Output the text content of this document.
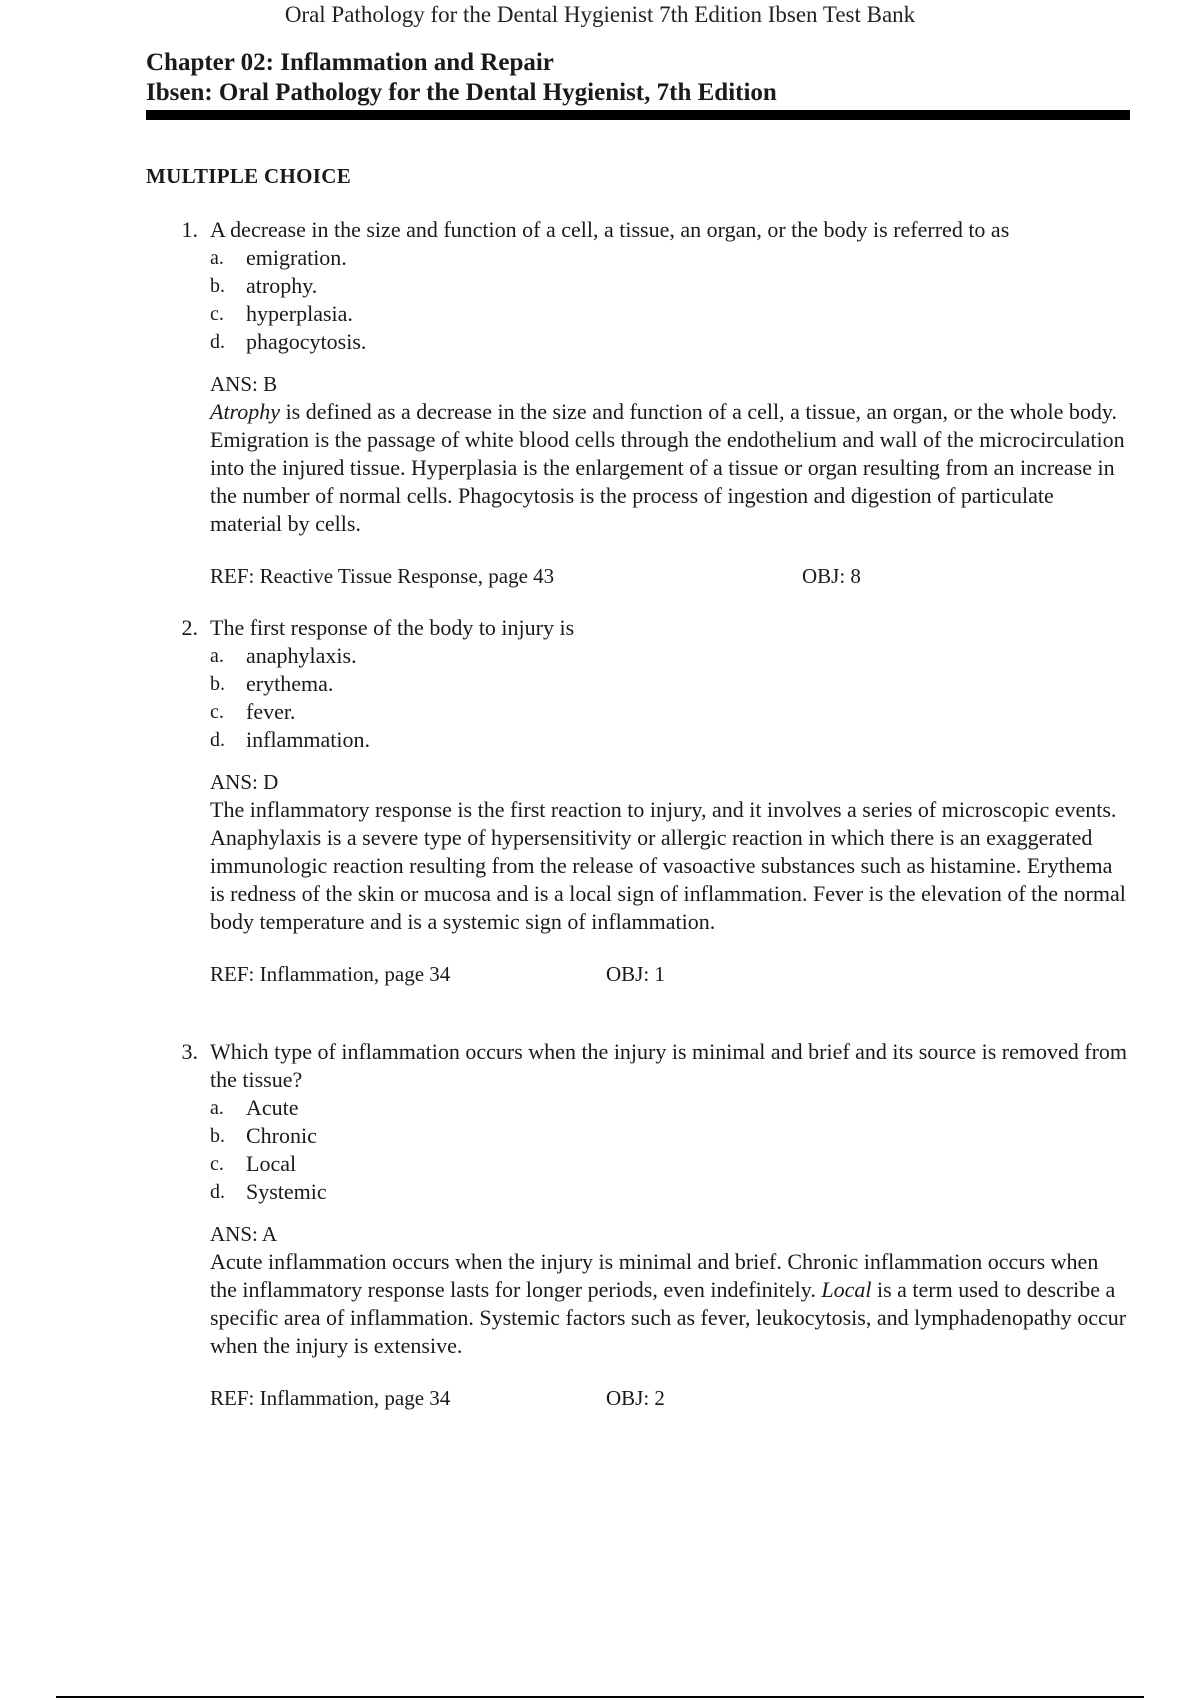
Oral Pathology for the Dental Hygienist 7th Edition Ibsen Test Bank
Chapter 02: Inflammation and Repair
Ibsen: Oral Pathology for the Dental Hygienist, 7th Edition
MULTIPLE CHOICE
1. A decrease in the size and function of a cell, a tissue, an organ, or the body is referred to as
a.	emigration.
b. atrophy.
c.	hyperplasia.
d. phagocytosis.
ANS: B
Atrophy is defined as a decrease in the size and function of a cell, a tissue, an organ, or the whole body. Emigration is the passage of white blood cells through the endothelium and wall of the microcirculation into the injured tissue. Hyperplasia is the enlargement of a tissue or organ resulting from an increase in the number of normal cells. Phagocytosis is the process of ingestion and digestion of particulate material by cells.
REF: Reactive Tissue Response, page 43	OBJ: 8
2. The first response of the body to injury is
a.	anaphylaxis.
b. erythema.
c.	fever.
d. inflammation.
ANS: D
The inflammatory response is the first reaction to injury, and it involves a series of microscopic events. Anaphylaxis is a severe type of hypersensitivity or allergic reaction in which there is an exaggerated immunologic reaction resulting from the release of vasoactive substances such as histamine. Erythema is redness of the skin or mucosa and is a local sign of inflammation. Fever is the elevation of the normal body temperature and is a systemic sign of inflammation.
REF: Inflammation, page 34	OBJ: 1
3. Which type of inflammation occurs when the injury is minimal and brief and its source is removed from the tissue?
a.	Acute
b. Chronic
c.	Local
d. Systemic
ANS: A
Acute inflammation occurs when the injury is minimal and brief. Chronic inflammation occurs when the inflammatory response lasts for longer periods, even indefinitely. Local is a term used to describe a specific area of inflammation. Systemic factors such as fever, leukocytosis, and lymphadenopathy occur when the injury is extensive.
REF: Inflammation, page 34	OBJ: 2
